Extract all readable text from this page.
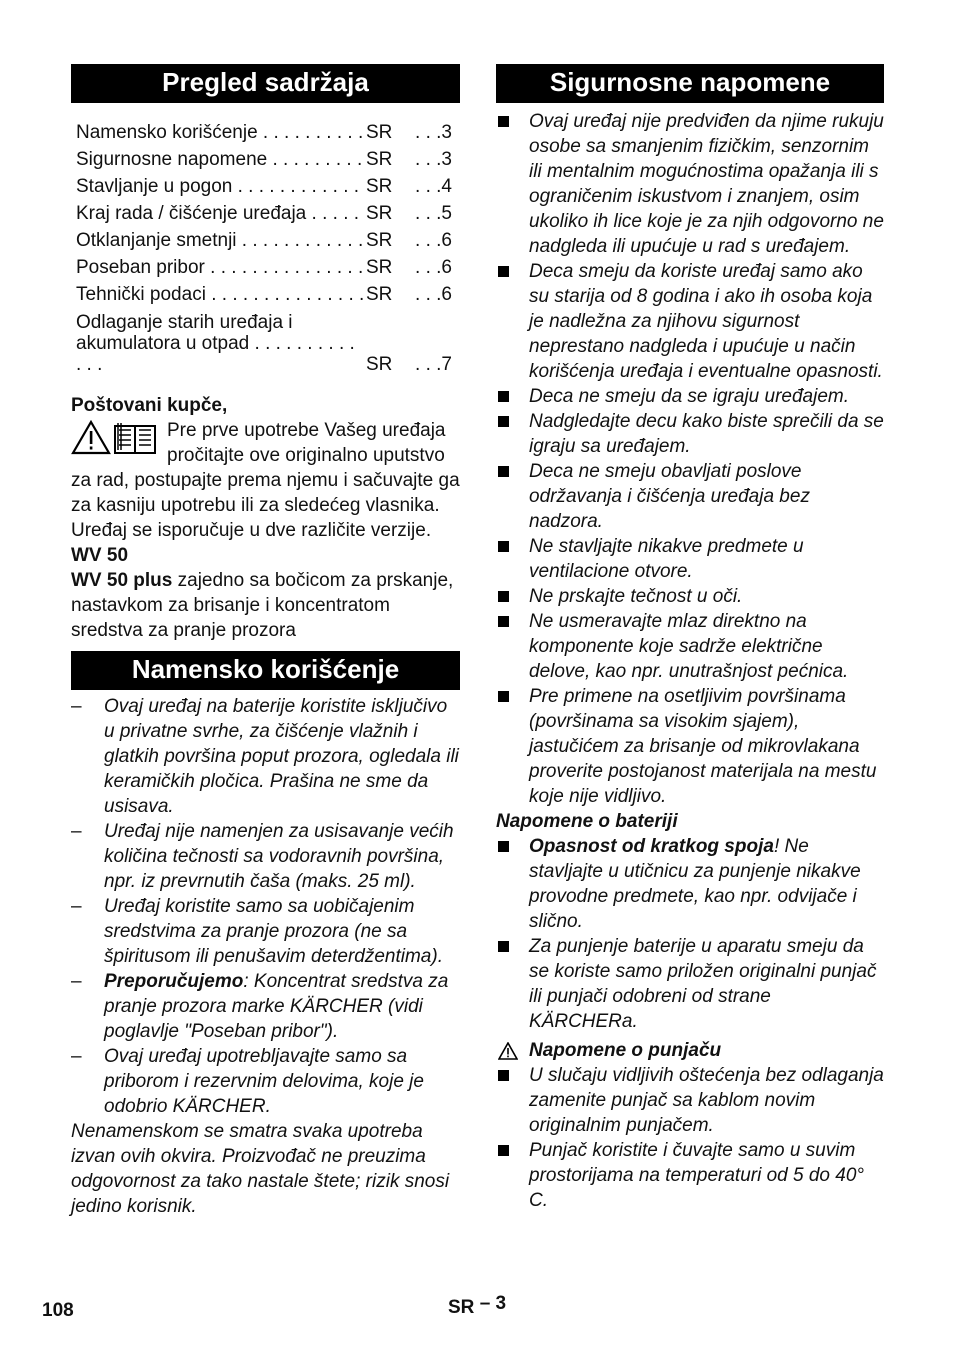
Pregled sadržaja
Namensko korišćenje . . .	SR	. . . 3
Sigurnosne napomene . . .	SR	. . . 3
Stavljanje u pogon . . .	SR	. . . 4
Kraj rada / čišćenje uređaja . . .	SR	. . . 5
Otklanjanje smetnji . . .	SR	. . . 6
Poseban pribor . . .	SR	. . . 6
Tehnički podaci . . .	SR	. . . 6
Odlaganje starih uređaja i
akumulatora u otpad . . .
SR	. . . 7
Poštovani kupče,

Pre prve upotrebe Vašeg uređaja pročitajte ove originalno uputstvo za rad, postupajte prema njemu i sačuvajte ga za kasniju upotrebu ili za sledećeg vlasnika.

Uređaj se isporučuje u dve različite verzije.

WV 50

WV 50 plus zajedno sa bočicom za prskanje, nastavkom za brisanje i koncentratom sredstva za pranje prozora

Namensko korišćenje
– Ovaj uređaj na baterije koristite isključivo u privatne svrhe, za čišćenje vlažnih i glatkih površina poput prozora, ogledala ili keramičkih pločica. Prašina ne sme da usisava.
– Uređaj nije namenjen za usisavanje većih količina tečnosti sa vodoravnih površina, npr. iz prevrnutih čaša (maks. 25 ml).
– Uređaj koristite samo sa uobičajenim sredstvima za pranje prozora (ne sa špiritusom ili penušavim deterdžentima).
– Preporučujemo: Koncentrat sredstva za pranje prozora marke KÄRCHER (vidi poglavlje "Poseban pribor").
– Ovaj uređaj upotrebljavajte samo sa priborom i rezervnim delovima, koje je odobrio KÄRCHER.

Nenamenskom se smatra svaka upotreba izvan ovih okvira. Proizvođač ne preuzima odgovornost za tako nastale štete; rizik snosi jedino korisnik.

Sigurnosne napomene
Ovaj uređaj nije predviđen da njime rukuju osobe sa smanjenim fizičkim, senzornim ili mentalnim mogućnostima opažanja ili s ograničenim iskustvom i znanjem, osim ukoliko ih lice koje je za njih odgovorno ne nadgleda ili upućuje u rad s uređajem.
Deca smeju da koriste uređaj samo ako su starija od 8 godina i ako ih osoba koja je nadležna za njihovu sigurnost neprestano nadgleda i upućuje u način korišćenja uređaja i eventualne opasnosti.
Deca ne smeju da se igraju uređajem.
Nadgledajte decu kako biste sprečili da se igraju sa uređajem.
Deca ne smeju obavljati poslove održavanja i čišćenja uređaja bez nadzora.
Ne stavljajte nikakve predmete u ventilacione otvore.
Ne prskajte tečnost u oči.
Ne usmeravajte mlaz direktno na komponente koje sadrže električne delove, kao npr. unutrašnjost pećnica.
Pre primene na osetljivim površinama (površinama sa visokim sjajem), jastučićem za brisanje od mikrovlakana proverite postojanost materijala na mestu koje nije vidljivo.
Napomene o bateriji
Opasnost od kratkog spoja! Ne stavljajte u utičnicu za punjenje nikakve provodne predmete, kao npr. odvijače i slično.
Za punjenje baterije u aparatu smeju da se koriste samo priložen originalni punjač ili punjači odobreni od strane KÄRCHERa.
Napomene o punjaču
U slučaju vidljivih oštećenja bez odlaganja zamenite punjač sa kablom novim originalnim punjačem.
Punjač koristite i čuvajte samo u suvim prostorijama na temperaturi od 5 do 40° C.
108	SR – 3
